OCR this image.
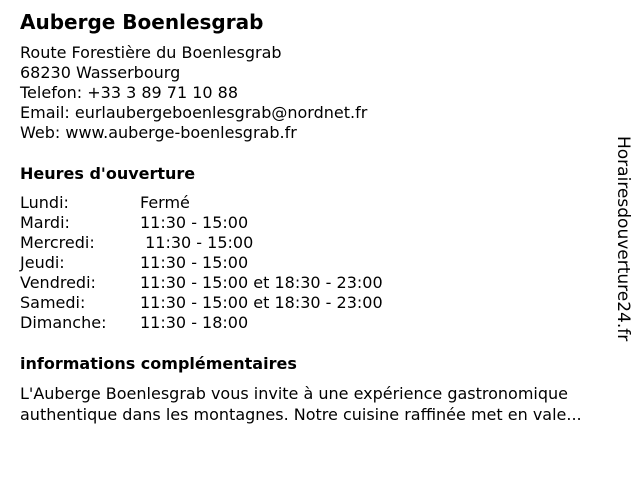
Auberge Boenlesgrab
Route Forestière du Boenlesgrab
68230 Wasserbourg
Telefon: +33 3 89 71 10 88
Email: eurlaubergeboenlesgrab@nordnet.fr
Web: www.auberge-boenlesgrab.fr
Heures d'ouverture
Lundi:	Fermé
Mardi:	11:30 - 15:00
Mercredi:	11:30 - 15:00
Jeudi:	11:30 - 15:00
Vendredi:	11:30 - 15:00 et 18:30 - 23:00
Samedi:	11:30 - 15:00 et 18:30 - 23:00
Dimanche: 11:30 - 18:00
informations complémentaires
L'Auberge Boenlesgrab vous invite à une expérience gastronomique
authentique dans les montagnes. Notre cuisine raffinée met en vale...
Horairesdouverture24.fr
